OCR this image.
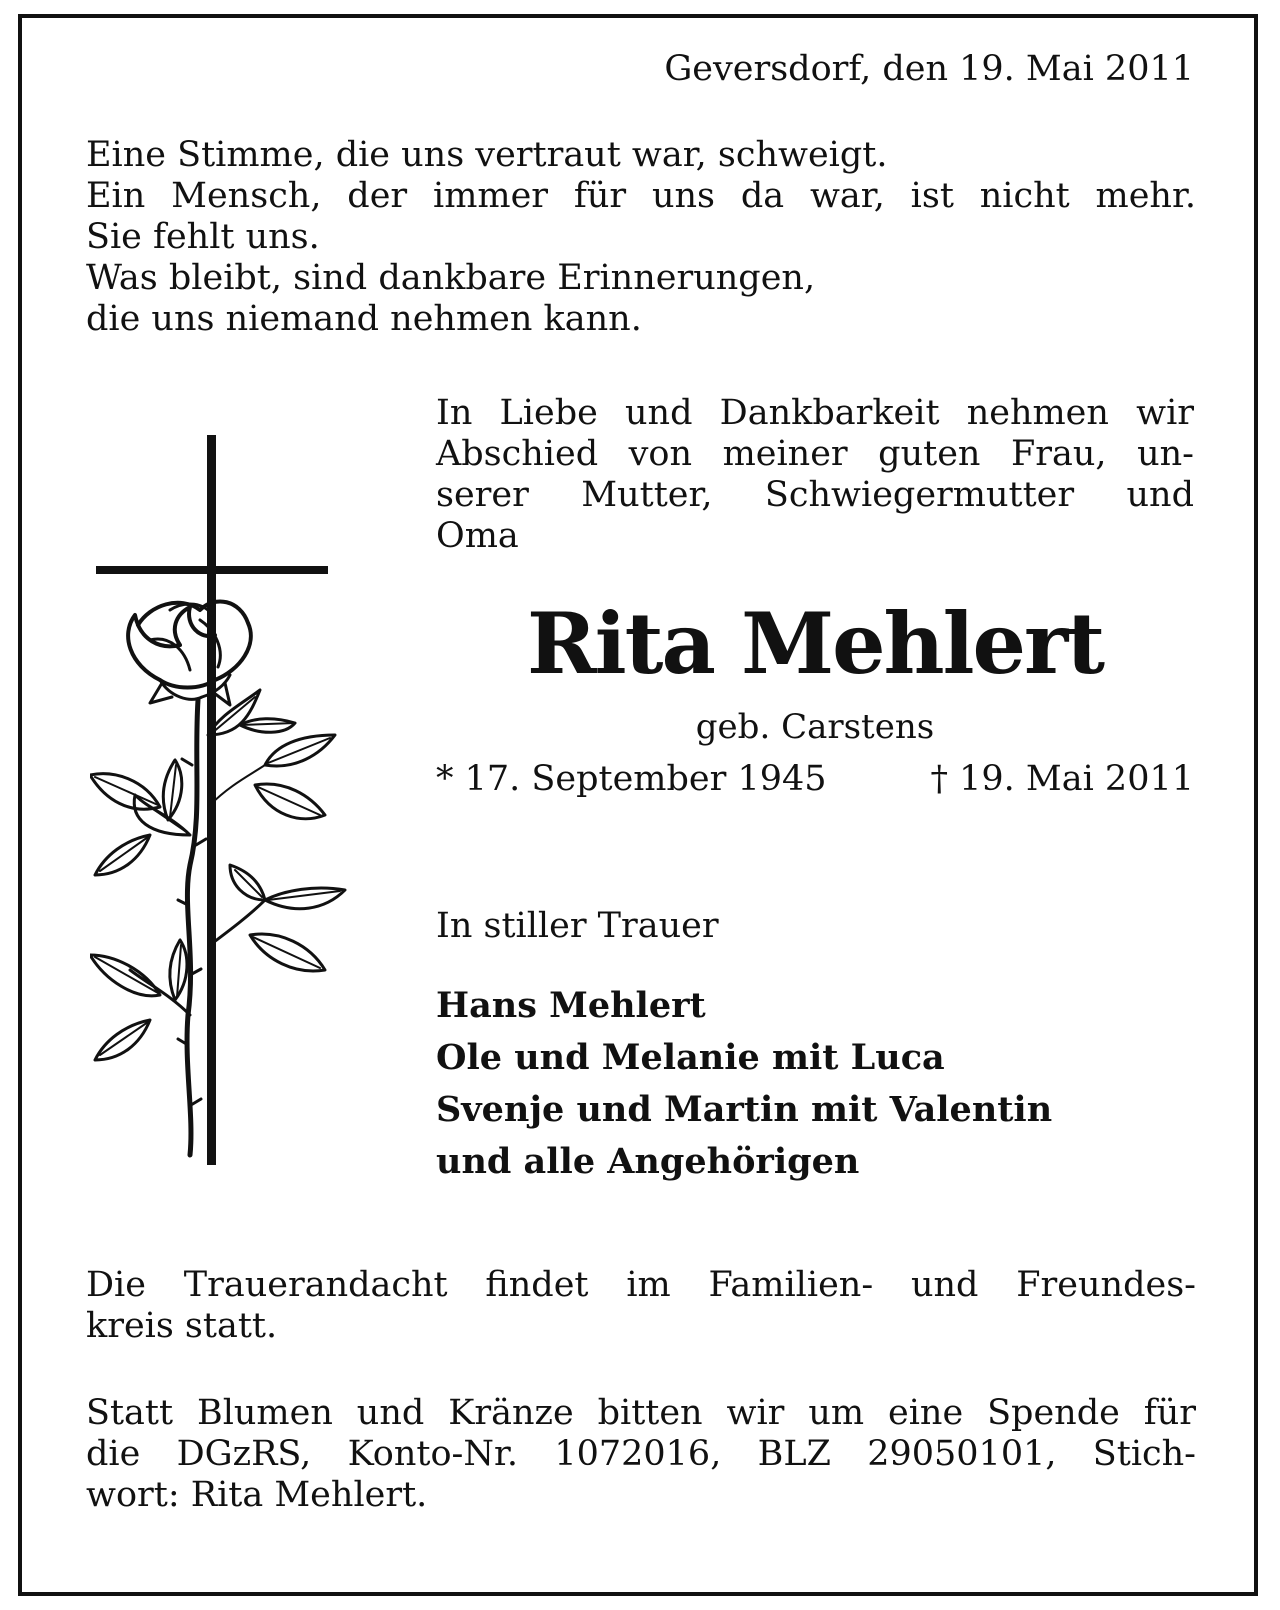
Geversdorf, den 19. Mai 2011
Eine Stimme, die uns vertraut war, schweigt.
Ein Mensch, der immer für uns da war, ist nicht mehr.
Sie fehlt uns.
Was bleibt, sind dankbare Erinnerungen,
die uns niemand nehmen kann.
In Liebe und Dankbarkeit nehmen wir
Abschied von meiner guten Frau, un-
serer Mutter, Schwiegermutter und
Oma
Rita Mehlert
geb. Carstens
* 17. September 1945	† 19. Mai 2011
In stiller Trauer
Hans Mehlert
Ole und Melanie mit Luca
Svenje und Martin mit Valentin
und alle Angehörigen
Die Trauerandacht findet im Familien- und Freundes-
kreis statt.
Statt Blumen und Kränze bitten wir um eine Spende für
die DGzRS, Konto-Nr. 1072016, BLZ 29050101, Stich-
wort: Rita Mehlert.
